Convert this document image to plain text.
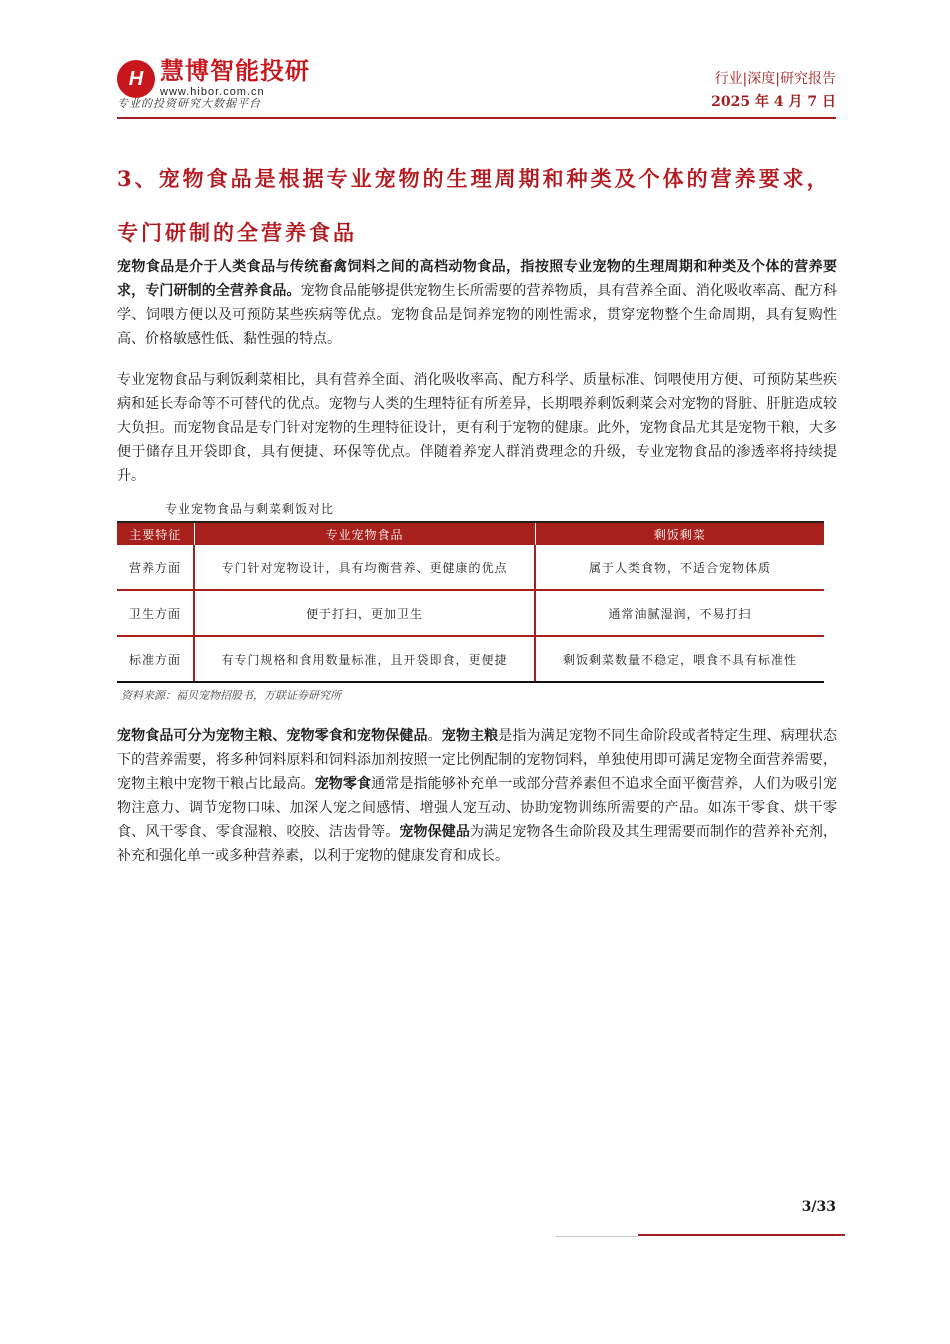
H 慧博智能投研
www.hibor.com.cn
专业的投资研究大数据平台
行业|深度|研究报告
2025 年 4 月 7 日
3、宠物食品是根据专业宠物的生理周期和种类及个体的营养要求，专门研制的全营养食品
宠物食品是介于人类食品与传统畜禽饲料之间的高档动物食品，指按照专业宠物的生理周期和种类及个体的营养要求，专门研制的全营养食品。宠物食品能够提供宠物生长所需要的营养物质，具有营养全面、消化吸收率高、配方科学、饲喂方便以及可预防某些疾病等优点。宠物食品是饲养宠物的刚性需求，贯穿宠物整个生命周期，具有复购性高、价格敏感性低、黏性强的特点。
专业宠物食品与剩饭剩菜相比，具有营养全面、消化吸收率高、配方科学、质量标准、饲喂使用方便、可预防某些疾病和延长寿命等不可替代的优点。宠物与人类的生理特征有所差异，长期喂养剩饭剩菜会对宠物的肾脏、肝脏造成较大负担。而宠物食品是专门针对宠物的生理特征设计，更有利于宠物的健康。此外，宠物食品尤其是宠物干粮，大多便于储存且开袋即食，具有便捷、环保等优点。伴随着养宠人群消费理念的升级，专业宠物食品的渗透率将持续提升。
专业宠物食品与剩菜剩饭对比
主要特征	专业宠物食品	剩饭剩菜
营养方面	专门针对宠物设计，具有均衡营养、更健康的优点	属于人类食物，不适合宠物体质
卫生方面	便于打扫，更加卫生	通常油腻湿润，不易打扫
标准方面	有专门规格和食用数量标准，且开袋即食，更便捷	剩饭剩菜数量不稳定，喂食不具有标准性
资料来源：福贝宠物招股书，万联证券研究所
宠物食品可分为宠物主粮、宠物零食和宠物保健品。宠物主粮是指为满足宠物不同生命阶段或者特定生理、病理状态下的营养需要，将多种饲料原料和饲料添加剂按照一定比例配制的宠物饲料，单独使用即可满足宠物全面营养需要，宠物主粮中宠物干粮占比最高。宠物零食通常是指能够补充单一或部分营养素但不追求全面平衡营养，人们为吸引宠物注意力、调节宠物口味、加深人宠之间感情、增强人宠互动、协助宠物训练所需要的产品。如冻干零食、烘干零食、风干零食、零食湿粮、咬胶、洁齿骨等。宠物保健品为满足宠物各生命阶段及其生理需要而制作的营养补充剂，补充和强化单一或多种营养素，以利于宠物的健康发育和成长。
3/33
